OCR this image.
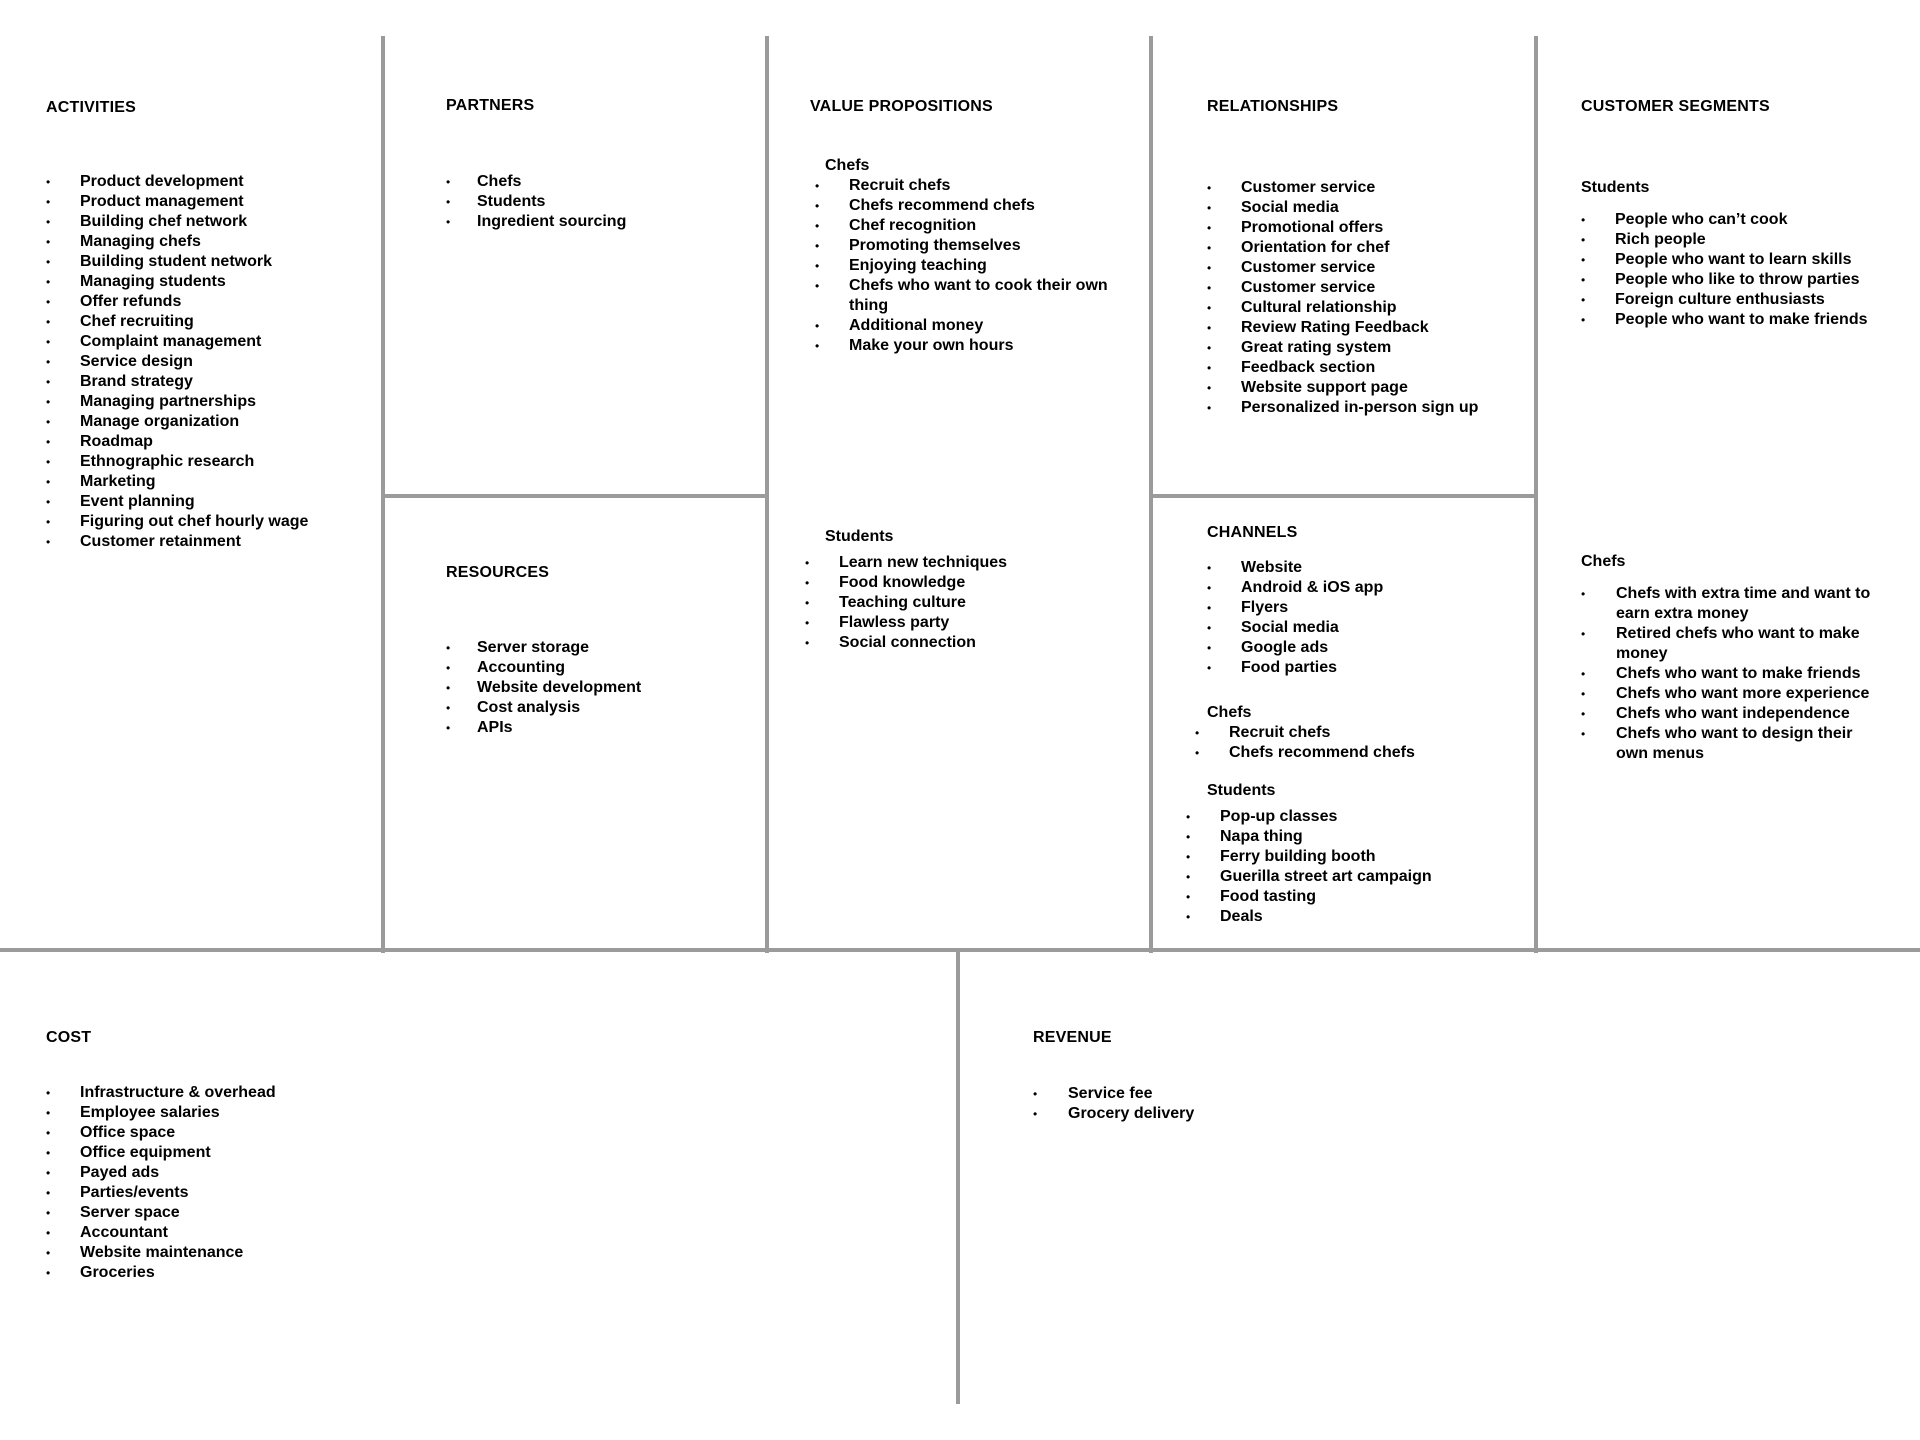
ACTIVITIES
• Product development
• Product management
• Building chef network
• Managing chefs
• Building student network
• Managing students
• Offer refunds
• Chef recruiting
• Complaint management
• Service design
• Brand strategy
• Managing partnerships
• Manage organization
• Roadmap
• Ethnographic research
• Marketing
• Event planning
• Figuring out chef hourly wage
• Customer retainment
PARTNERS
• Chefs
• Students
• Ingredient sourcing
RESOURCES
• Server storage
• Accounting
• Website development
• Cost analysis
• APIs
VALUE PROPOSITIONS
Chefs
• Recruit chefs
• Chefs recommend chefs
• Chef recognition
• Promoting themselves
• Enjoying teaching
• Chefs who want to cook their own thing
• Additional money
• Make your own hours
Students
• Learn new techniques
• Food knowledge
• Teaching culture
• Flawless party
• Social connection
RELATIONSHIPS
• Customer service
• Social media
• Promotional offers
• Orientation for chef
• Customer service
• Customer service
• Cultural relationship
• Review Rating Feedback
• Great rating system
• Feedback section
• Website support page
• Personalized in-person sign up
CHANNELS
• Website
• Android & iOS app
• Flyers
• Social media
• Google ads
• Food parties
Chefs
• Recruit chefs
• Chefs recommend chefs
Students
• Pop-up classes
• Napa thing
• Ferry building booth
• Guerilla street art campaign
• Food tasting
• Deals
CUSTOMER SEGMENTS
Students
• People who can’t cook
• Rich people
• People who want to learn skills
• People who like to throw parties
• Foreign culture enthusiasts
• People who want to make friends
Chefs
• Chefs with extra time and want to earn extra money
• Retired chefs who want to make money
• Chefs who want to make friends
• Chefs who want more experience
• Chefs who want independence
• Chefs who want to design their own menus
COST
• Infrastructure & overhead
• Employee salaries
• Office space
• Office equipment
• Payed ads
• Parties/events
• Server space
• Accountant
• Website maintenance
• Groceries
REVENUE
• Service fee
• Grocery delivery
